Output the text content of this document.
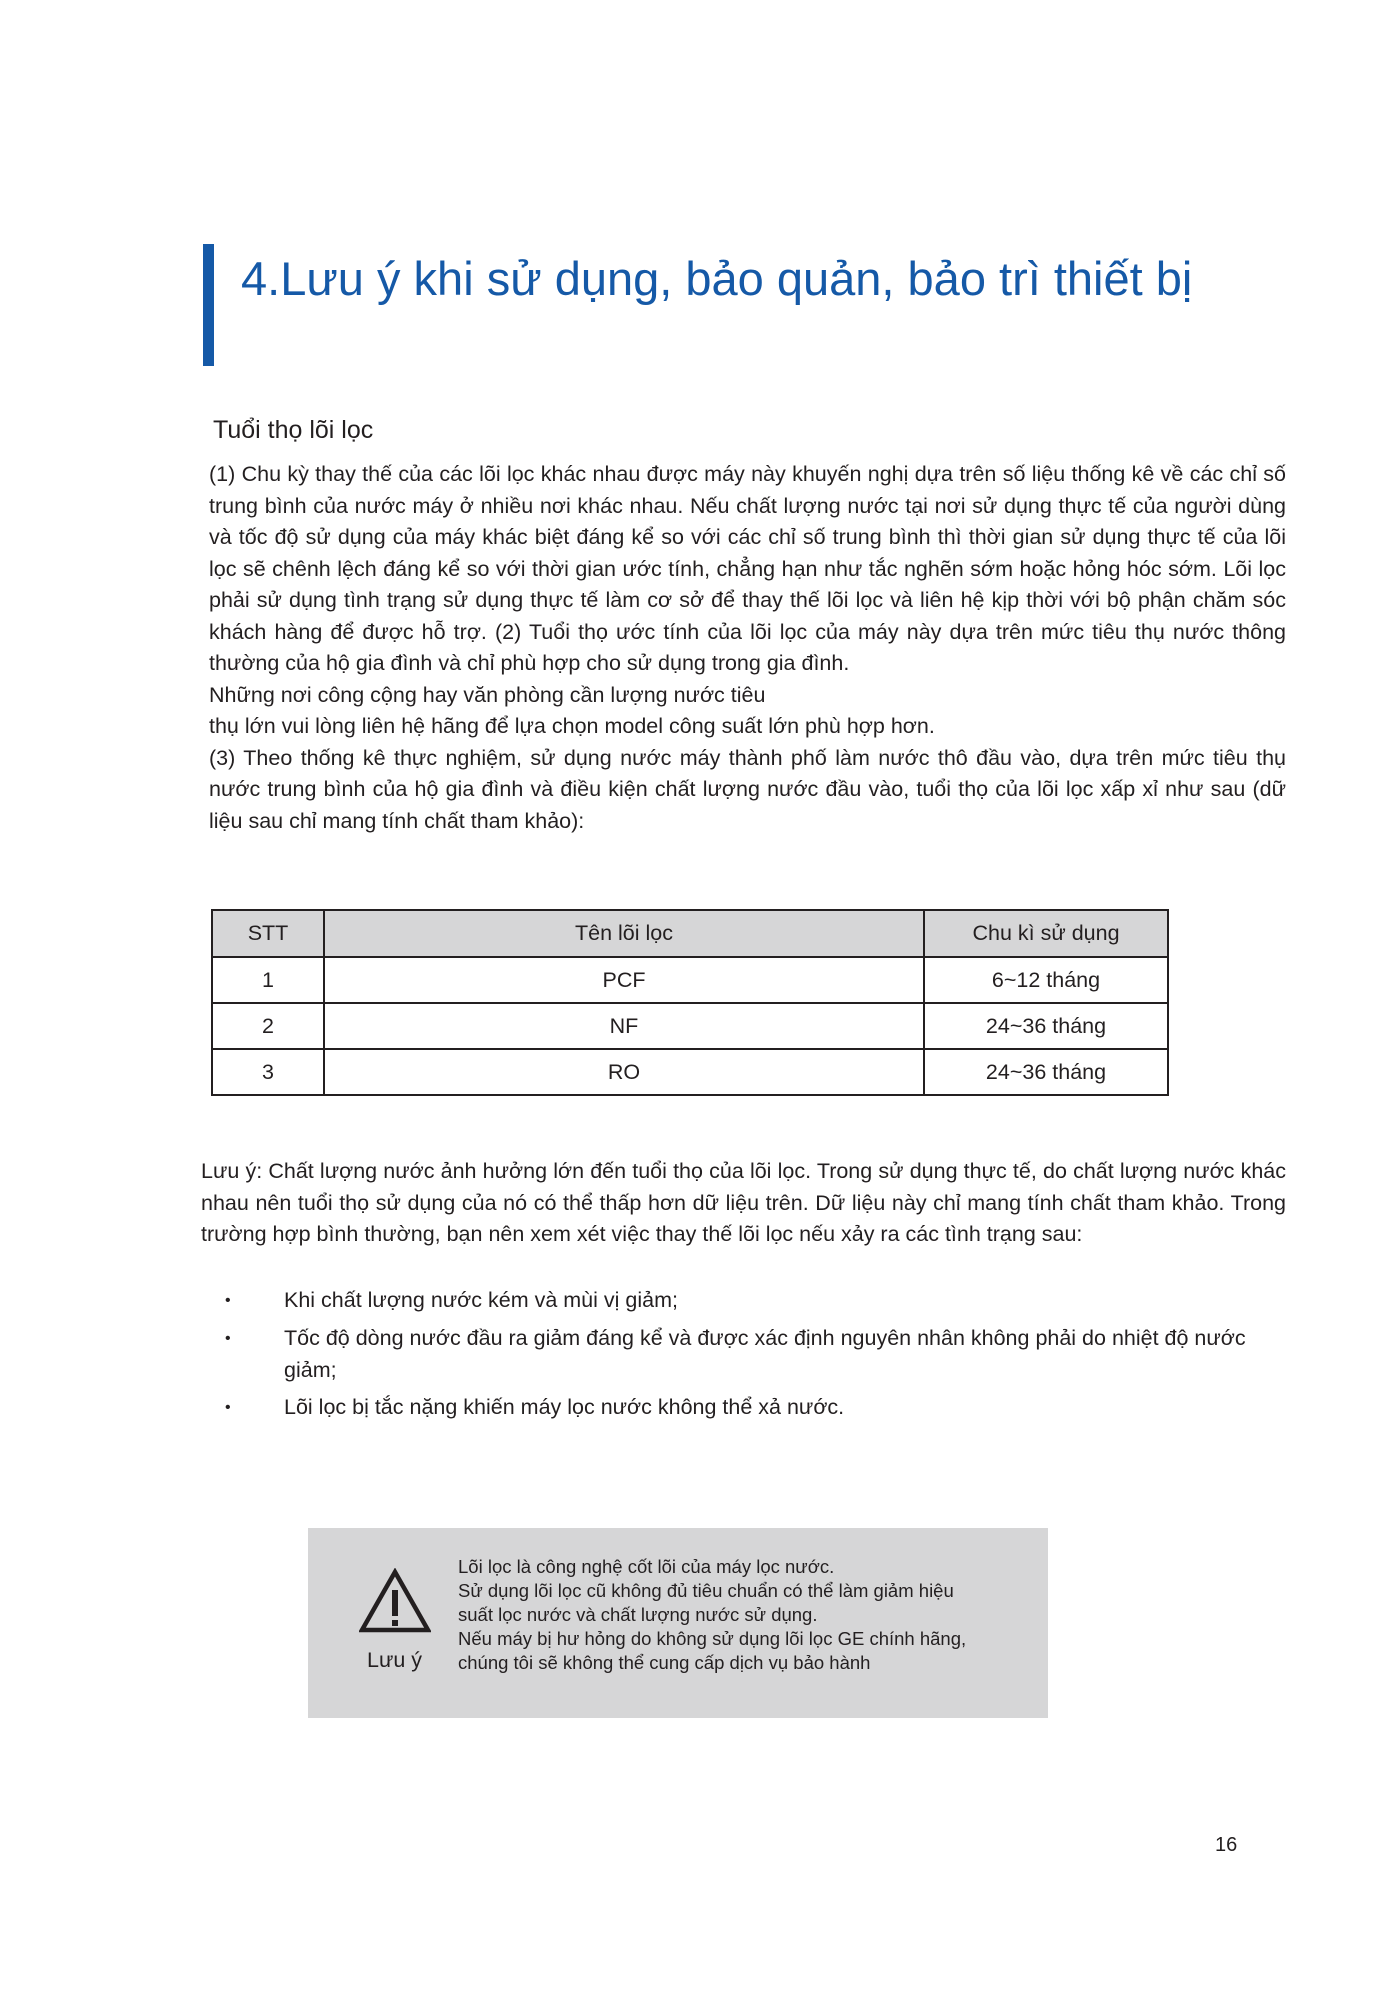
4.Lưu ý khi sử dụng, bảo quản, bảo trì thiết bị
Tuổi thọ lõi lọc
(1) Chu kỳ thay thế của các lõi lọc khác nhau được máy này khuyến nghị dựa trên số liệu thống kê về các chỉ số trung bình của nước máy ở nhiều nơi khác nhau. Nếu chất lượng nước tại nơi sử dụng thực tế của người dùng và tốc độ sử dụng của máy khác biệt đáng kể so với các chỉ số trung bình thì thời gian sử dụng thực tế của lõi lọc sẽ chênh lệch đáng kể so với thời gian ước tính, chẳng hạn như tắc nghẽn sớm hoặc hỏng hóc sớm. Lõi lọc phải sử dụng tình trạng sử dụng thực tế làm cơ sở để thay thế lõi lọc và liên hệ kịp thời với bộ phận chăm sóc khách hàng để được hỗ trợ. (2) Tuổi thọ ước tính của lõi lọc của máy này dựa trên mức tiêu thụ nước thông thường của hộ gia đình và chỉ phù hợp cho sử dụng trong gia đình.
Những nơi công cộng hay văn phòng cần lượng nước tiêu
thụ lớn vui lòng liên hệ hãng để lựa chọn model công suất lớn phù hợp hơn.
(3) Theo thống kê thực nghiệm, sử dụng nước máy thành phố làm nước thô đầu vào, dựa trên mức tiêu thụ nước trung bình của hộ gia đình và điều kiện chất lượng nước đầu vào, tuổi thọ của lõi lọc xấp xỉ như sau (dữ liệu sau chỉ mang tính chất tham khảo):
STT	Tên lõi lọc	Chu kì sử dụng
1	PCF	6~12 tháng
2	NF	24~36 tháng
3	RO	24~36 tháng
Lưu ý: Chất lượng nước ảnh hưởng lớn đến tuổi thọ của lõi lọc. Trong sử dụng thực tế, do chất lượng nước khác nhau nên tuổi thọ sử dụng của nó có thể thấp hơn dữ liệu trên. Dữ liệu này chỉ mang tính chất tham khảo. Trong trường hợp bình thường, bạn nên xem xét việc thay thế lõi lọc nếu xảy ra các tình trạng sau:
• Khi chất lượng nước kém và mùi vị giảm;
• Tốc độ dòng nước đầu ra giảm đáng kể và được xác định nguyên nhân không phải do nhiệt độ nước giảm;
• Lõi lọc bị tắc nặng khiến máy lọc nước không thể xả nước.
Lưu ý
Lõi lọc là công nghệ cốt lõi của máy lọc nước.
Sử dụng lõi lọc cũ không đủ tiêu chuẩn có thể làm giảm hiệu
suất lọc nước và chất lượng nước sử dụng.
Nếu máy bị hư hỏng do không sử dụng lõi lọc GE chính hãng,
chúng tôi sẽ không thể cung cấp dịch vụ bảo hành
16
